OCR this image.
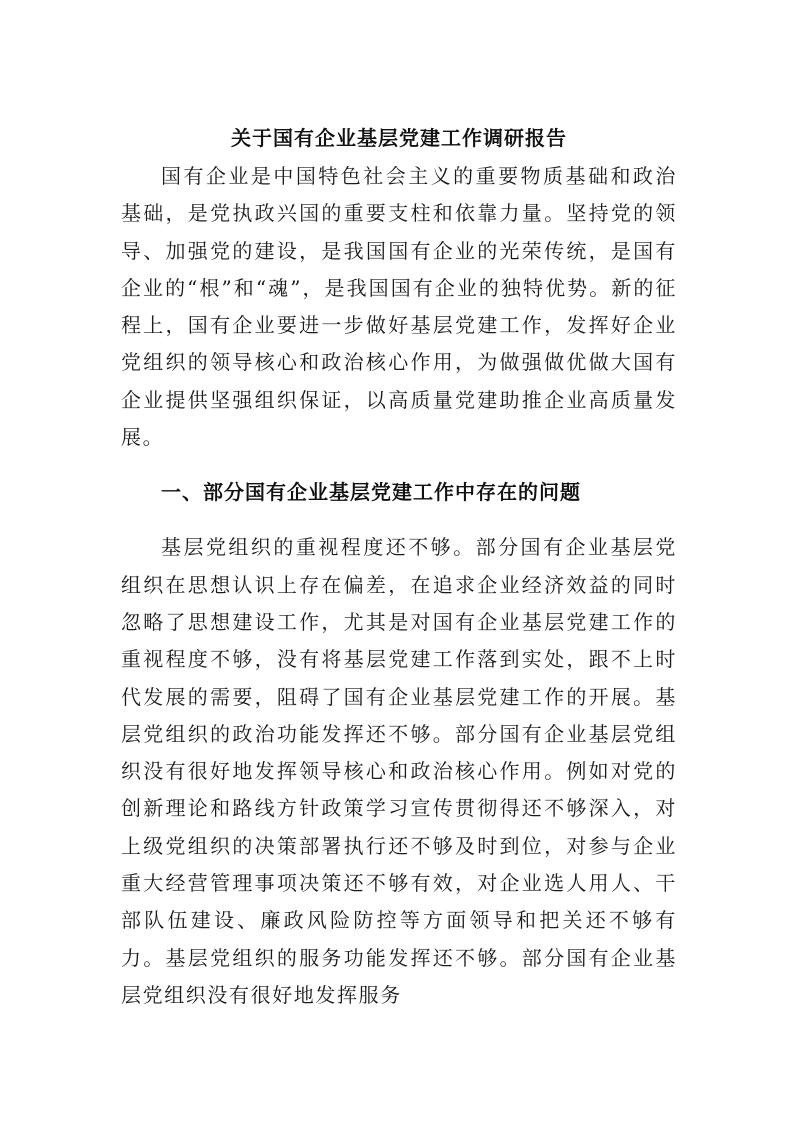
关于国有企业基层党建工作调研报告

国有企业是中国特色社会主义的重要物质基础和政治基础，是党执政兴国的重要支柱和依靠力量。坚持党的领导、加强党的建设，是我国国有企业的光荣传统，是国有企业的“根”和“魂”，是我国国有企业的独特优势。新的征程上，国有企业要进一步做好基层党建工作，发挥好企业党组织的领导核心和政治核心作用，为做强做优做大国有企业提供坚强组织保证，以高质量党建助推企业高质量发展。

一、部分国有企业基层党建工作中存在的问题

基层党组织的重视程度还不够。部分国有企业基层党组织在思想认识上存在偏差，在追求企业经济效益的同时忽略了思想建设工作，尤其是对国有企业基层党建工作的重视程度不够，没有将基层党建工作落到实处，跟不上时代发展的需要，阻碍了国有企业基层党建工作的开展。基层党组织的政治功能发挥还不够。部分国有企业基层党组织没有很好地发挥领导核心和政治核心作用。例如对党的创新理论和路线方针政策学习宣传贯彻得还不够深入，对上级党组织的决策部署执行还不够及时到位，对参与企业重大经营管理事项决策还不够有效，对企业选人用人、干部队伍建设、廉政风险防控等方面领导和把关还不够有力。基层党组织的服务功能发挥还不够。部分国有企业基层党组织没有很好地发挥服务
